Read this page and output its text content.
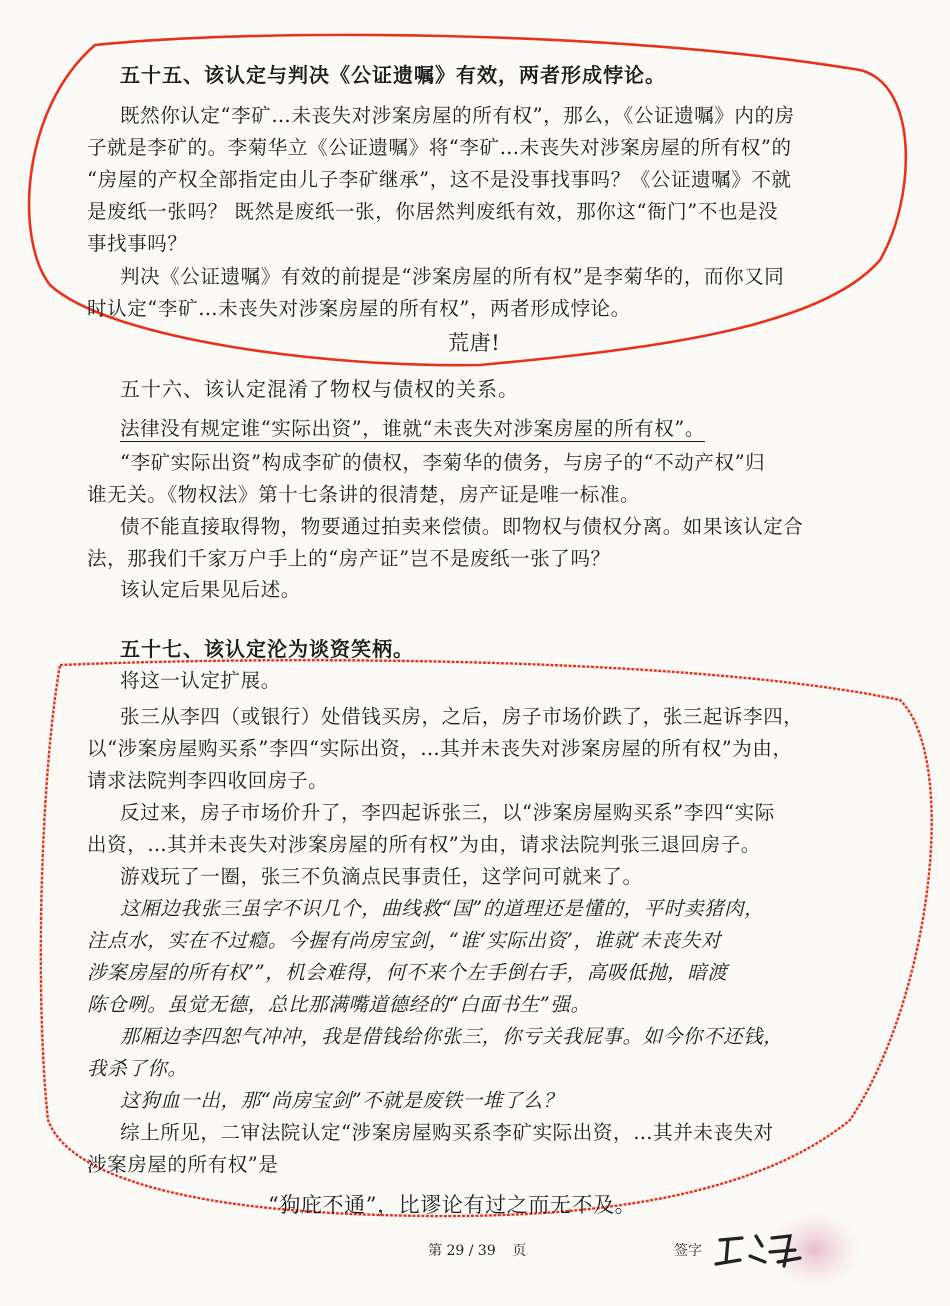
五十五、该认定与判决《公证遗嘱》有效，两者形成悖论。
既然你认定“李矿…未丧失对涉案房屋的所有权”，那么，《公证遗嘱》内的房
子就是李矿的。李菊华立《公证遗嘱》将“李矿…未丧失对涉案房屋的所有权”的
“房屋的产权全部指定由儿子李矿继承”，这不是没事找事吗？《公证遗嘱》不就
是废纸一张吗？ 既然是废纸一张，你居然判废纸有效，那你这“衙门”不也是没
事找事吗？
判决《公证遗嘱》有效的前提是“涉案房屋的所有权”是李菊华的，而你又同
时认定“李矿…未丧失对涉案房屋的所有权”，两者形成悖论。
荒唐!
五十六、该认定混淆了物权与债权的关系。
法律没有规定谁“实际出资”，谁就“未丧失对涉案房屋的所有权”。
“李矿实际出资”构成李矿的债权，李菊华的债务，与房子的“不动产权”归
谁无关。《物权法》第十七条讲的很清楚，房产证是唯一标准。
债不能直接取得物，物要通过拍卖来偿债。即物权与债权分离。如果该认定合
法，那我们千家万户手上的“房产证”岂不是废纸一张了吗？
该认定后果见后述。
五十七、该认定沦为谈资笑柄。
将这一认定扩展。
张三从李四（或银行）处借钱买房，之后，房子市场价跌了，张三起诉李四，
以“涉案房屋购买系”李四“实际出资，…其并未丧失对涉案房屋的所有权”为由，
请求法院判李四收回房子。
反过来，房子市场价升了，李四起诉张三，以“涉案房屋购买系”李四“实际
出资，…其并未丧失对涉案房屋的所有权”为由，请求法院判张三退回房子。
游戏玩了一圈，张三不负滴点民事责任，这学问可就来了。
这厢边我张三虽字不识几个，曲线救“国”的道理还是懂的，平时卖猪肉，
注点水，实在不过瘾。今握有尚房宝剑，“谁‘实际出资’，谁就‘未丧失对
涉案房屋的所有权’”，机会难得，何不来个左手倒右手，高吸低抛，暗渡
陈仓咧。虽觉无德，总比那满嘴道德经的“白面书生”强。
那厢边李四恕气冲冲，我是借钱给你张三，你亏关我屁事。如今你不还钱，
我杀了你。
这狗血一出，那“尚房宝剑”不就是废铁一堆了么？
综上所见，二审法院认定“涉案房屋购买系李矿实际出资，…其并未丧失对
涉案房屋的所有权”是
“狗庇不通”，比谬论有过之而无不及。
第 29 / 39 页	签字
